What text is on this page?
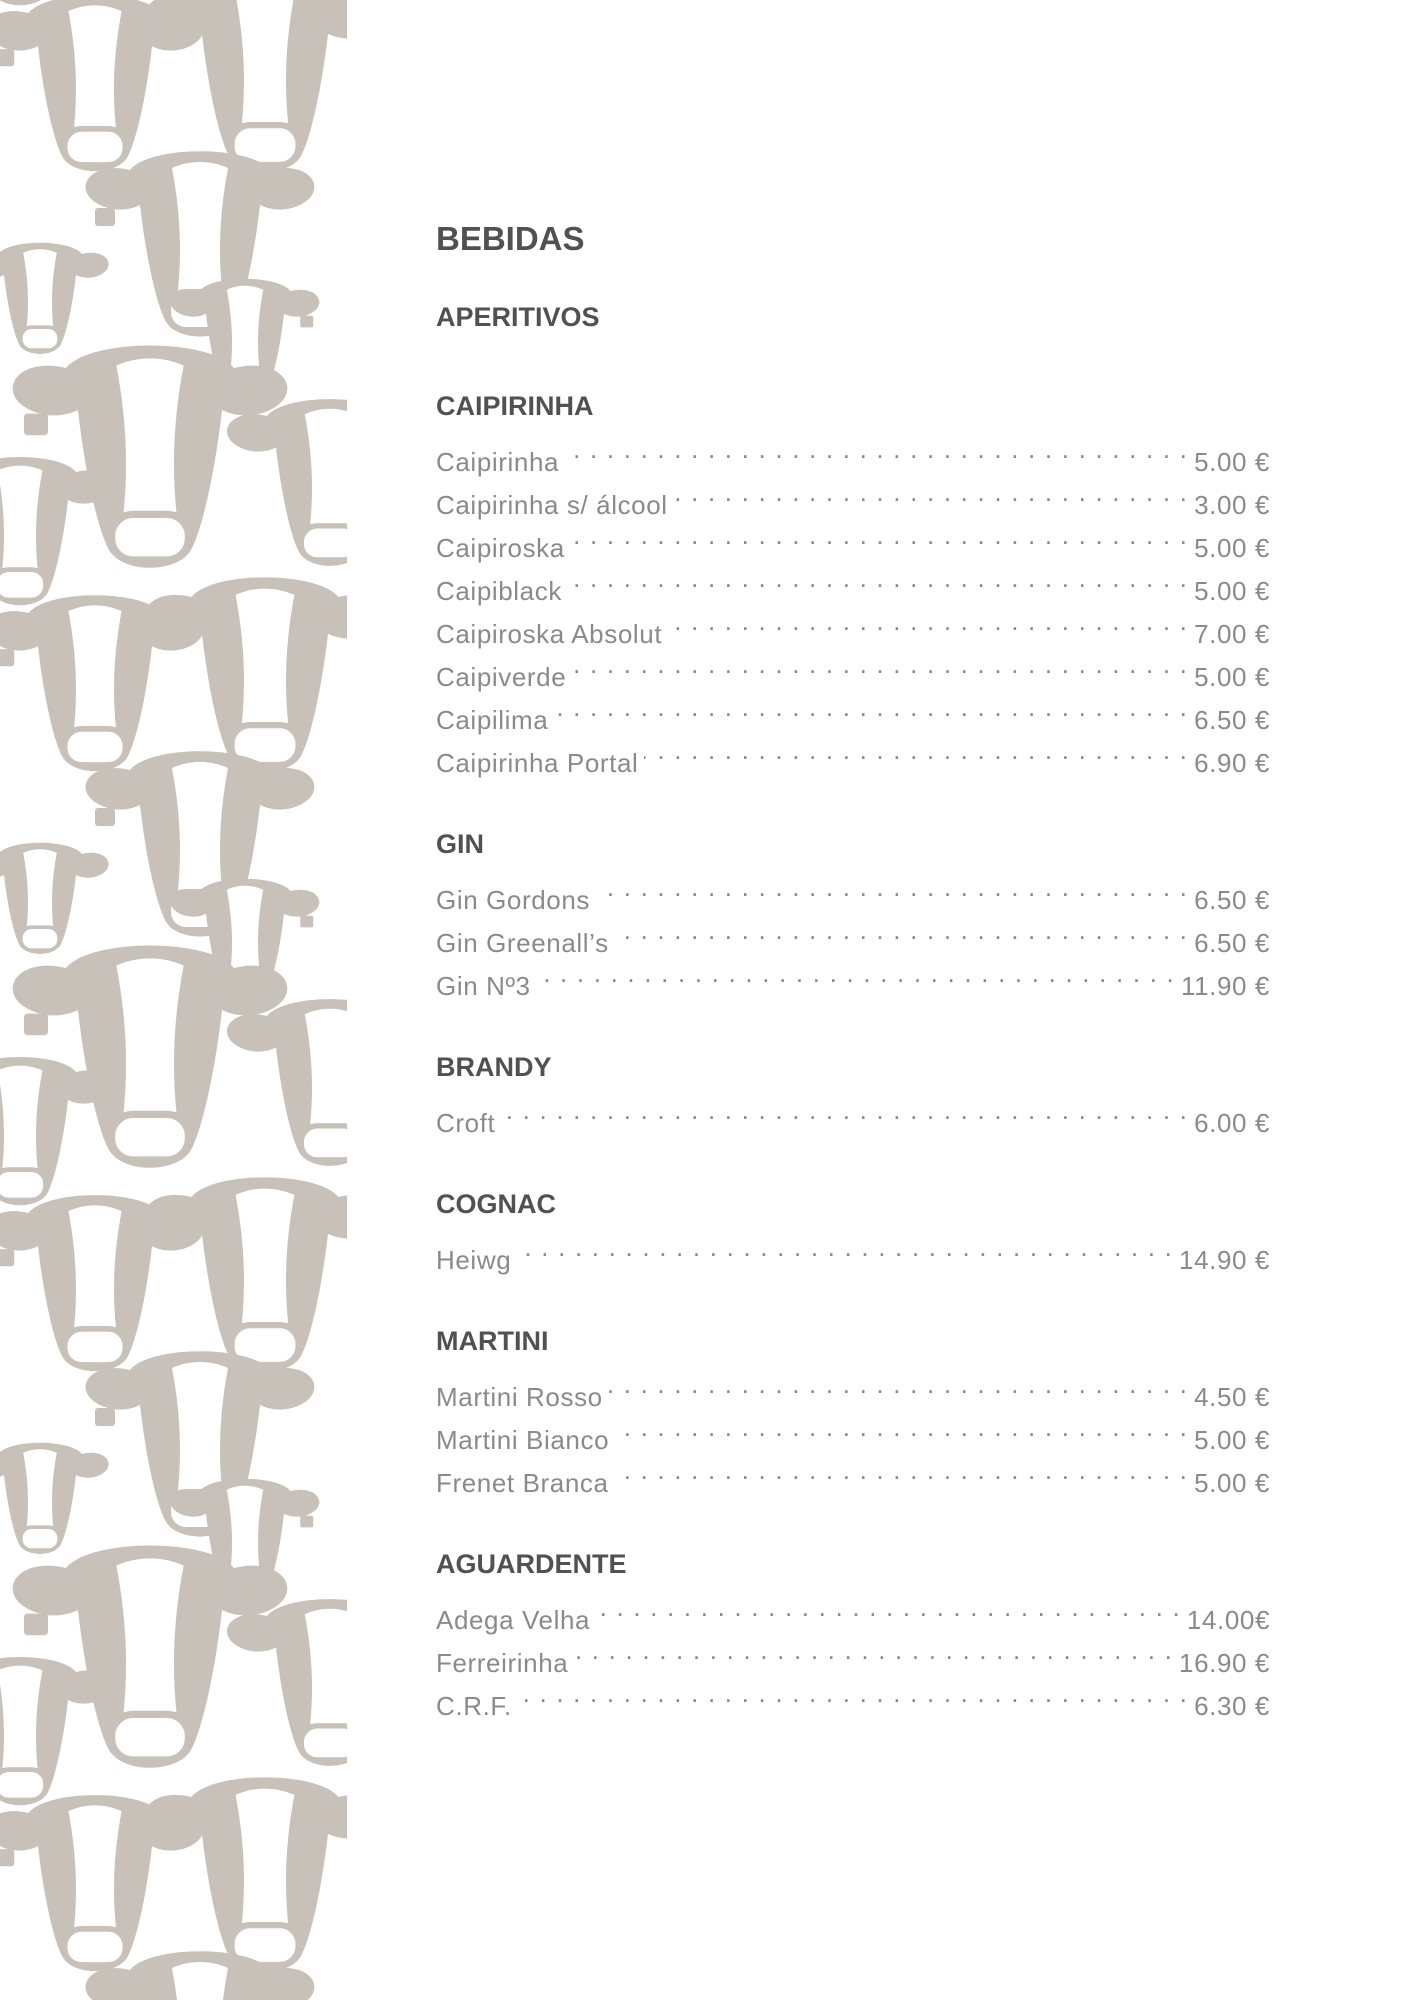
BEBIDAS
APERITIVOS
CAIPIRINHA
Caipirinha . . .	5.00 €
Caipirinha s/ álcool . . .	3.00 €
Caipiroska . . .	5.00 €
Caipiblack . . .	5.00 €
Caipiroska Absolut . . .	7.00 €
Caipiverde . . .	5.00 €
Caipilima . . .	6.50 €
Caipirinha Portal . . .	6.90 €
GIN
Gin Gordons . . .	6.50 €
Gin Greenall’s . . .	6.50 €
Gin Nº3 . . .	11.90 €
BRANDY
Croft . . .	6.00 €
COGNAC
Heiwg . . .	14.90 €
MARTINI
Martini Rosso . . .	4.50 €
Martini Bianco . . .	5.00 €
Frenet Branca . . .	5.00 €
AGUARDENTE
Adega Velha . . .	14.00€
Ferreirinha . . .	16.90 €
C.R.F. . . .	6.30 €
